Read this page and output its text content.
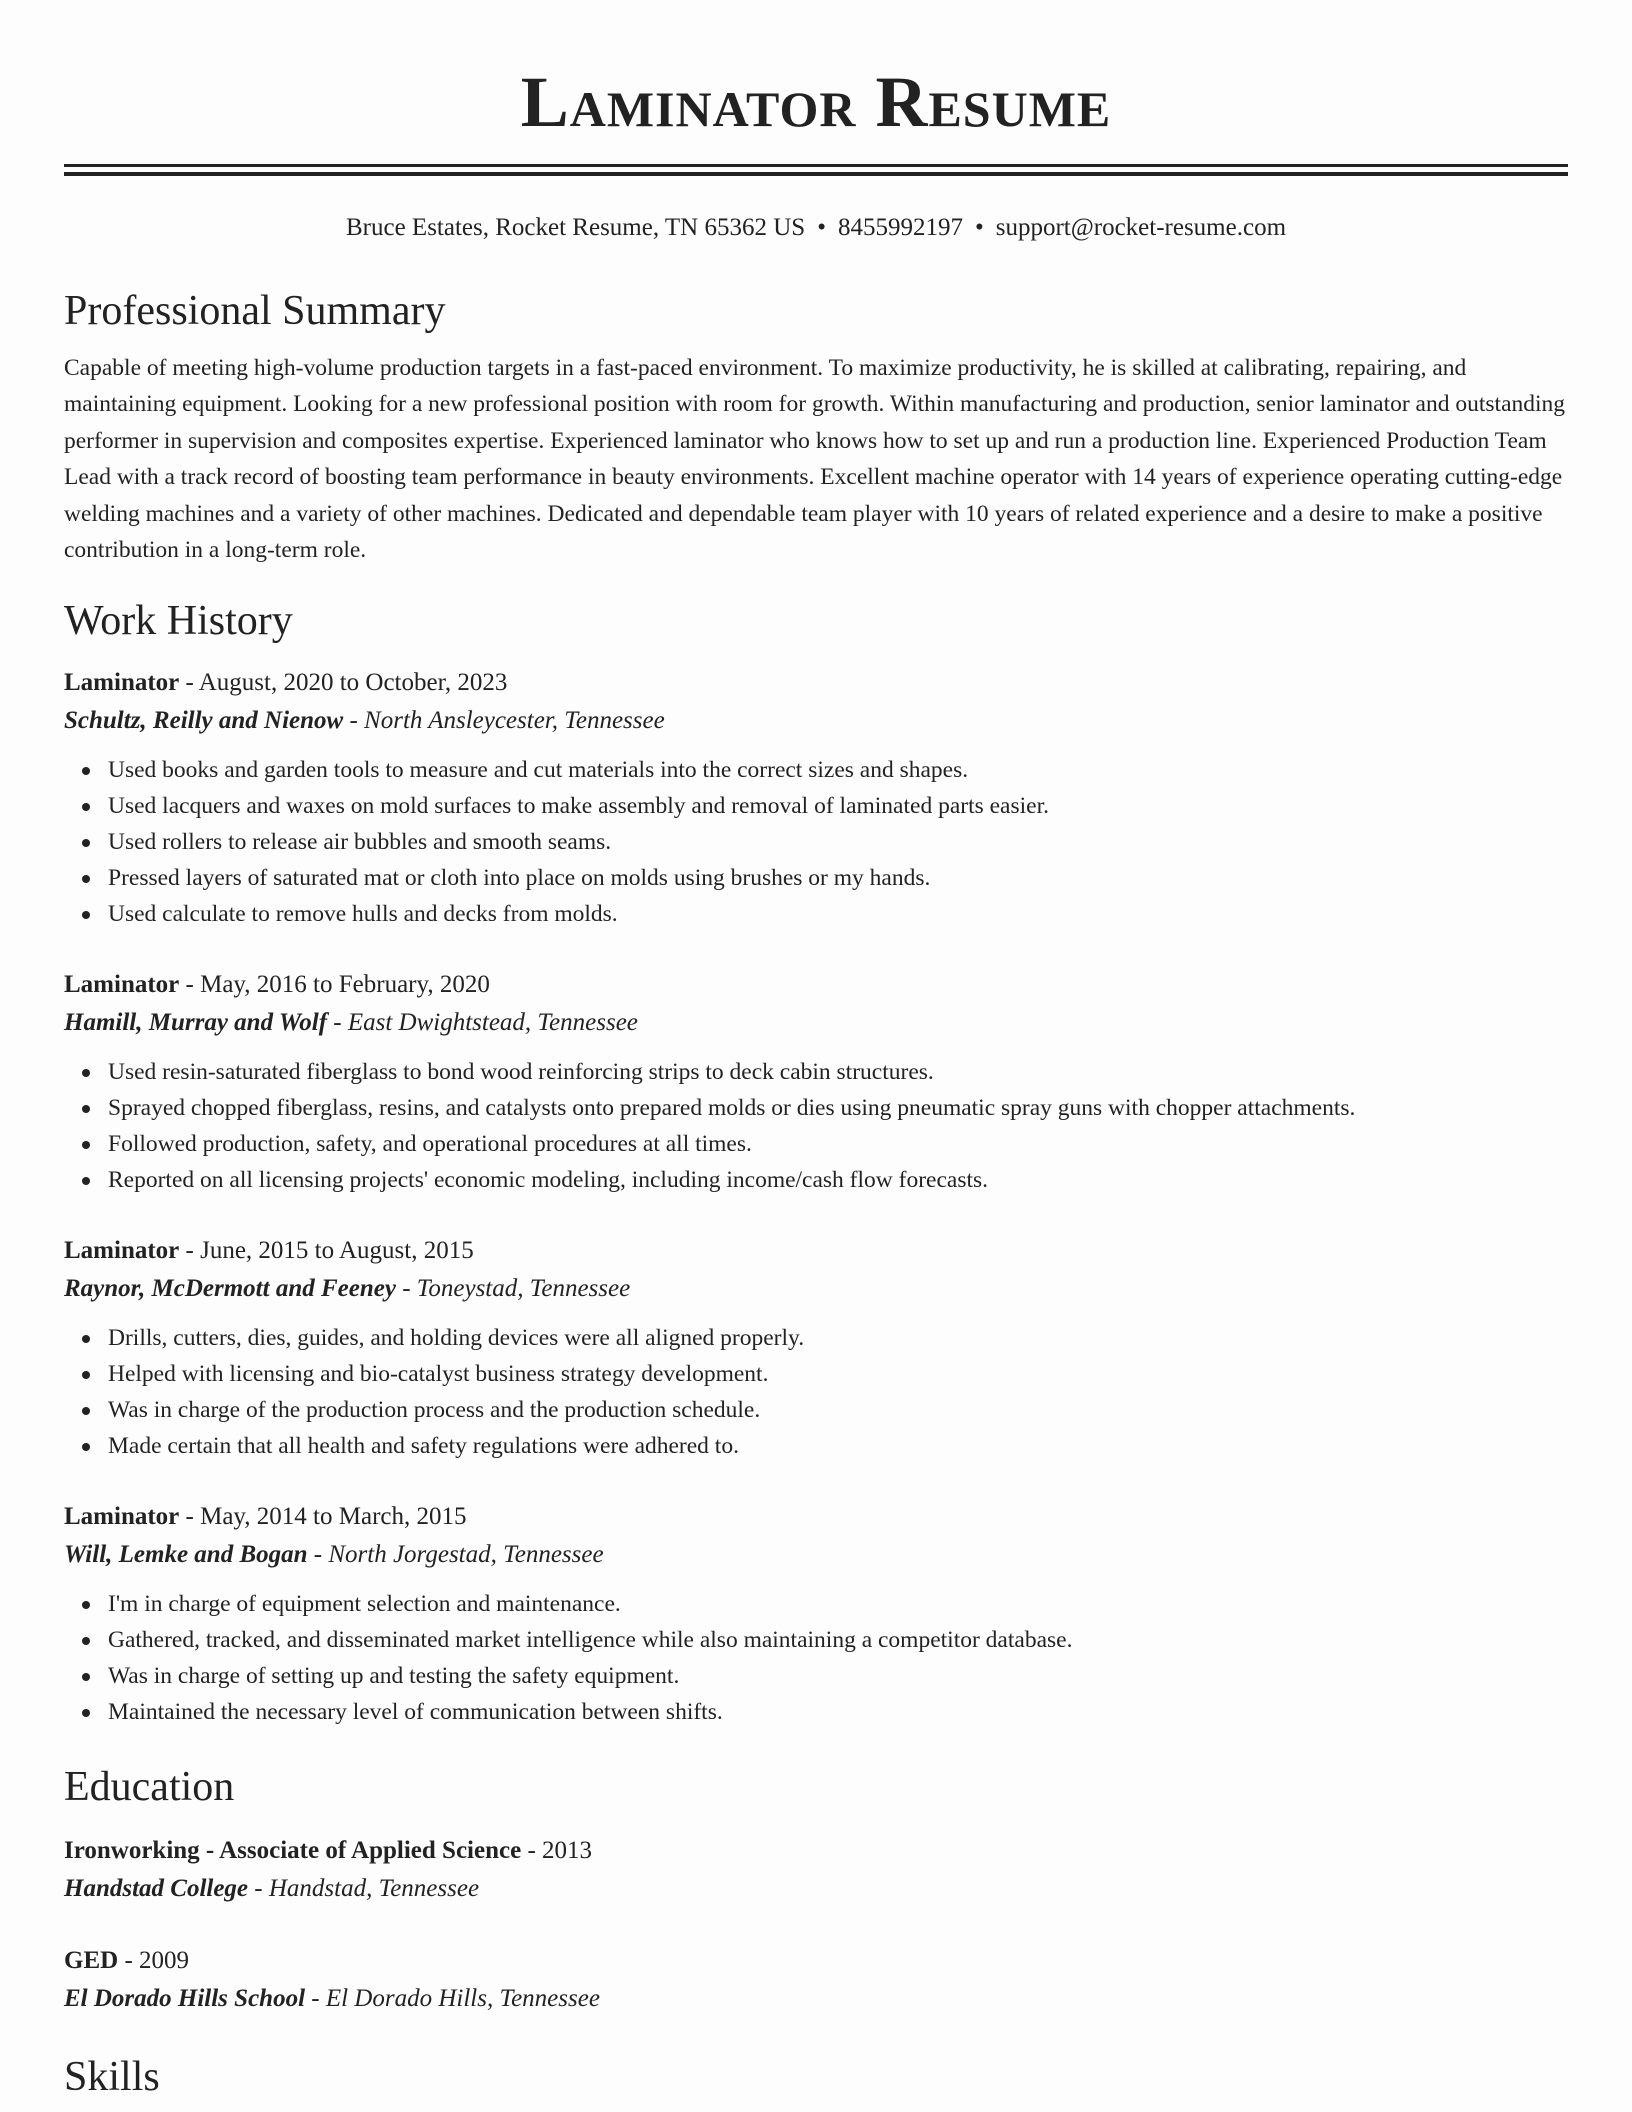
Laminator Resume
Bruce Estates, Rocket Resume, TN 65362 US • 8455992197 • support@rocket-resume.com
Professional Summary

Capable of meeting high-volume production targets in a fast-paced environment. To maximize productivity, he is skilled at calibrating, repairing, and maintaining equipment. Looking for a new professional position with room for growth. Within manufacturing and production, senior laminator and outstanding performer in supervision and composites expertise. Experienced laminator who knows how to set up and run a production line. Experienced Production Team Lead with a track record of boosting team performance in beauty environments. Excellent machine operator with 14 years of experience operating cutting-edge welding machines and a variety of other machines. Dedicated and dependable team player with 10 years of related experience and a desire to make a positive contribution in a long-term role.

Work History
Laminator - August, 2020 to October, 2023
Schultz, Reilly and Nienow - North Ansleycester, Tennessee
Used books and garden tools to measure and cut materials into the correct sizes and shapes.
Used lacquers and waxes on mold surfaces to make assembly and removal of laminated parts easier.
Used rollers to release air bubbles and smooth seams.
Pressed layers of saturated mat or cloth into place on molds using brushes or my hands.
Used calculate to remove hulls and decks from molds.
Laminator - May, 2016 to February, 2020
Hamill, Murray and Wolf - East Dwightstead, Tennessee
Used resin-saturated fiberglass to bond wood reinforcing strips to deck cabin structures.
Sprayed chopped fiberglass, resins, and catalysts onto prepared molds or dies using pneumatic spray guns with chopper attachments.
Followed production, safety, and operational procedures at all times.
Reported on all licensing projects' economic modeling, including income/cash flow forecasts.
Laminator - June, 2015 to August, 2015
Raynor, McDermott and Feeney - Toneystad, Tennessee
Drills, cutters, dies, guides, and holding devices were all aligned properly.
Helped with licensing and bio-catalyst business strategy development.
Was in charge of the production process and the production schedule.
Made certain that all health and safety regulations were adhered to.
Laminator - May, 2014 to March, 2015
Will, Lemke and Bogan - North Jorgestad, Tennessee
I'm in charge of equipment selection and maintenance.
Gathered, tracked, and disseminated market intelligence while also maintaining a competitor database.
Was in charge of setting up and testing the safety equipment.
Maintained the necessary level of communication between shifts.
Education
Ironworking - Associate of Applied Science - 2013
Handstad College - Handstad, Tennessee
GED - 2009
El Dorado Hills School - El Dorado Hills, Tennessee
Skills
